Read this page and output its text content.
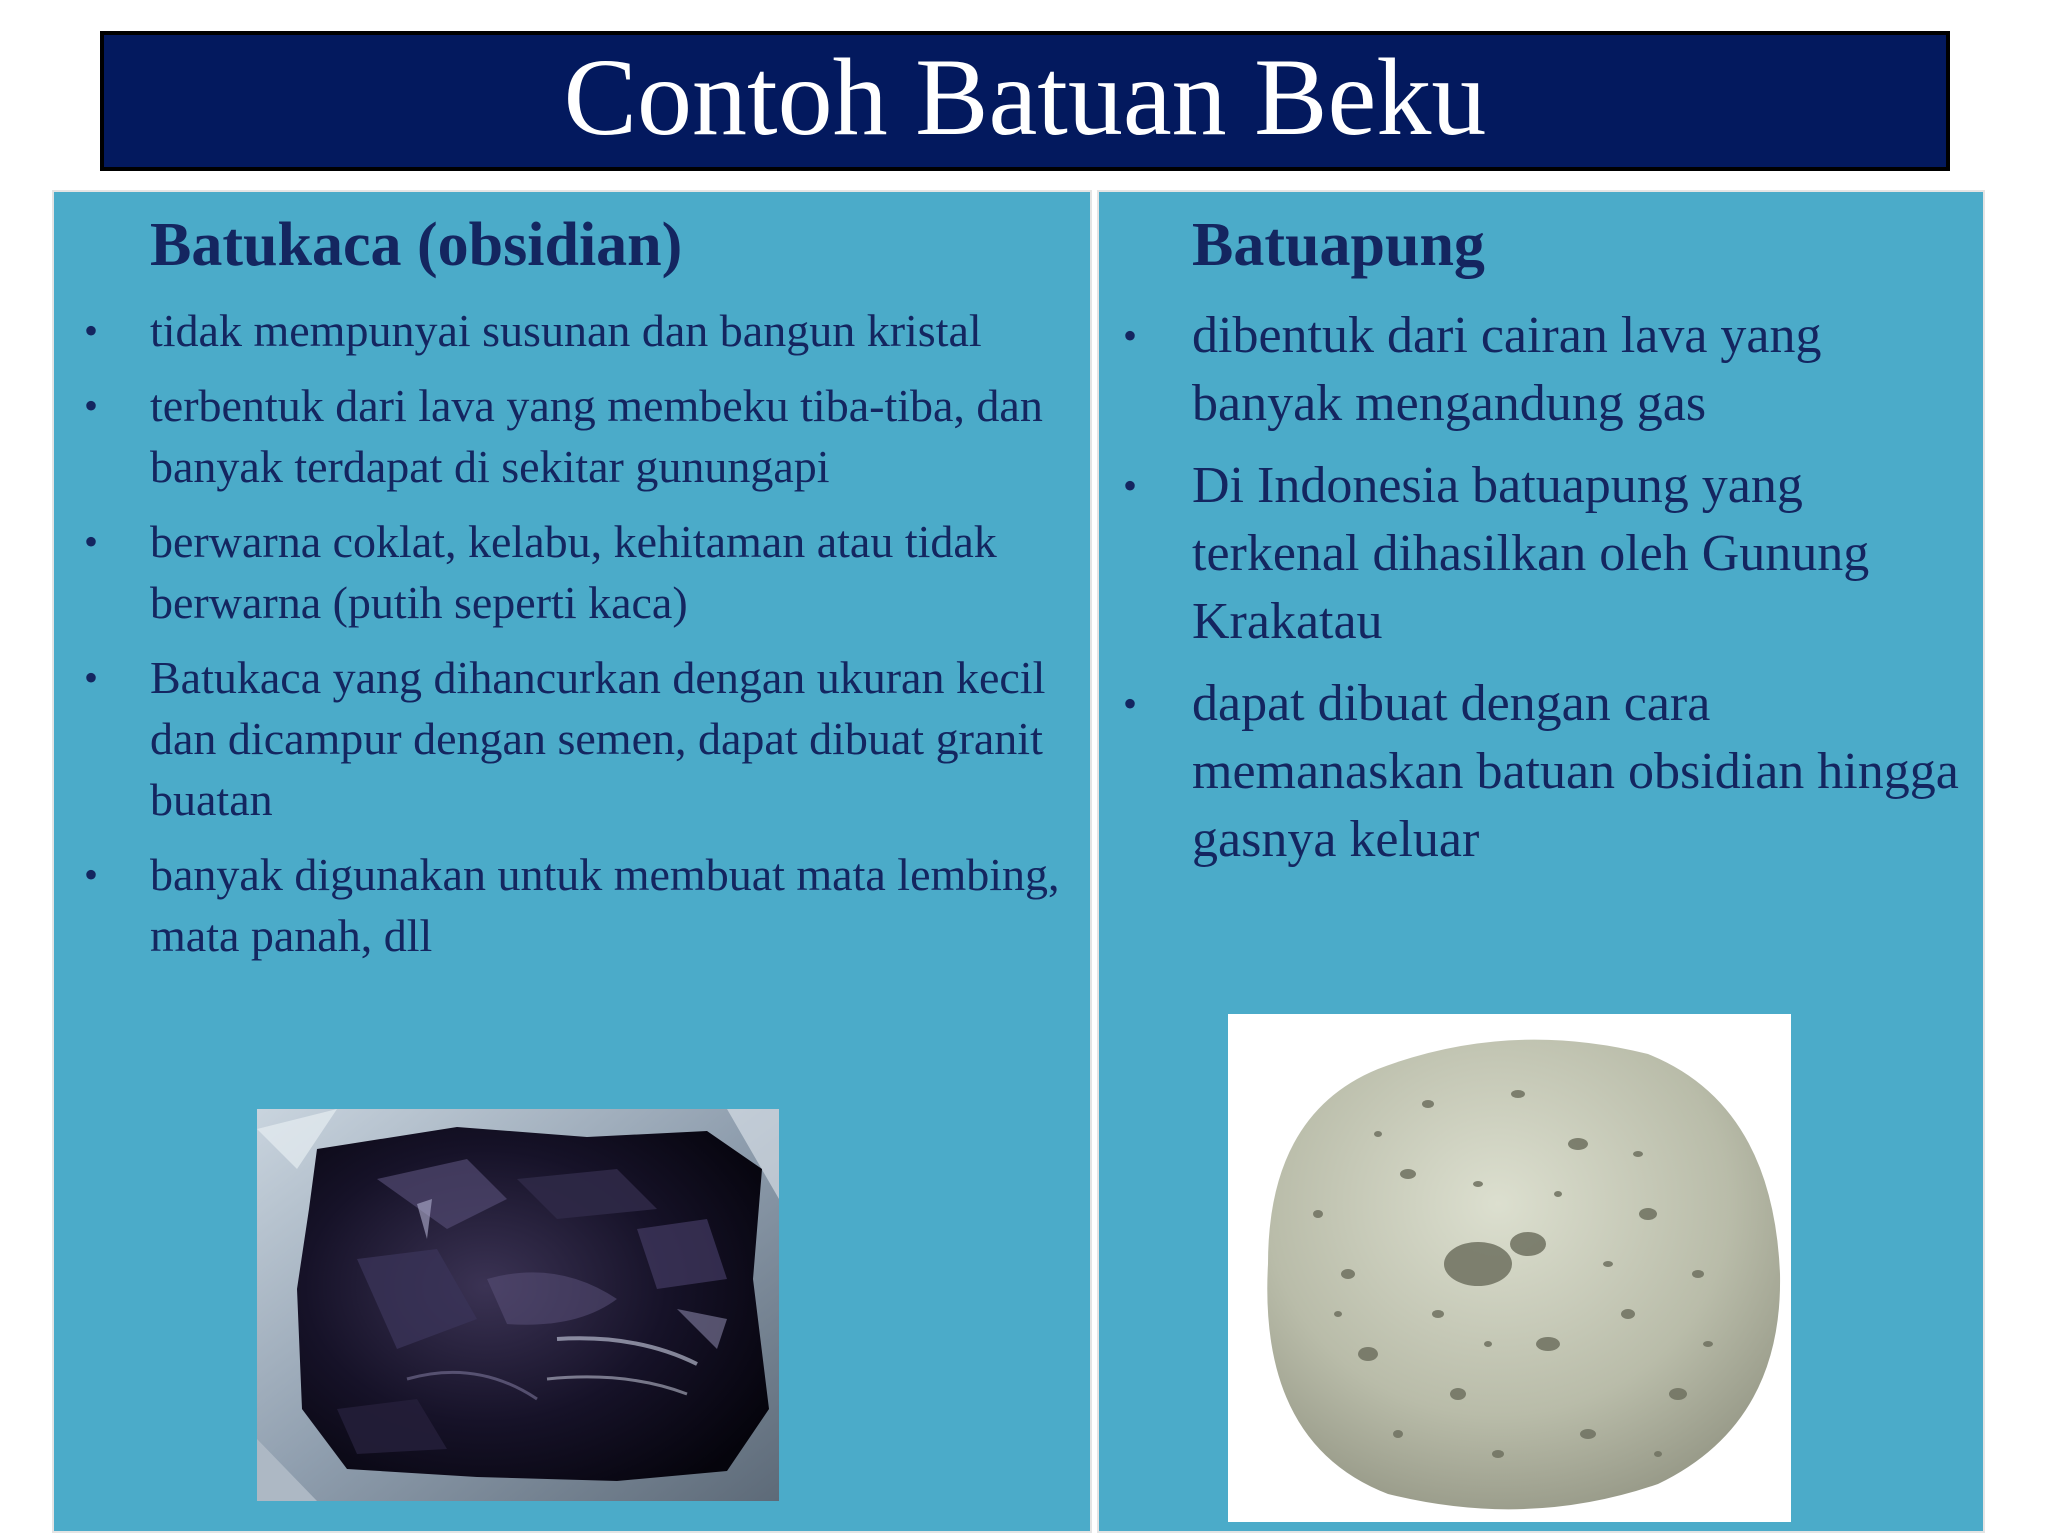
Contoh Batuan Beku
Batukaca (obsidian)
• tidak mempunyai susunan dan bangun kristal
• terbentuk dari lava yang membeku tiba-tiba, dan banyak terdapat di sekitar gunungapi
• berwarna coklat, kelabu, kehitaman atau tidak berwarna (putih seperti kaca)
• Batukaca yang dihancurkan dengan ukuran kecil dan dicampur dengan semen, dapat dibuat granit buatan
• banyak digunakan untuk membuat mata lembing, mata panah, dll
Batuapung
• dibentuk dari cairan lava yang banyak mengandung gas
• Di Indonesia batuapung yang terkenal dihasilkan oleh Gunung Krakatau
• dapat dibuat dengan cara memanaskan batuan obsidian hingga gasnya keluar
